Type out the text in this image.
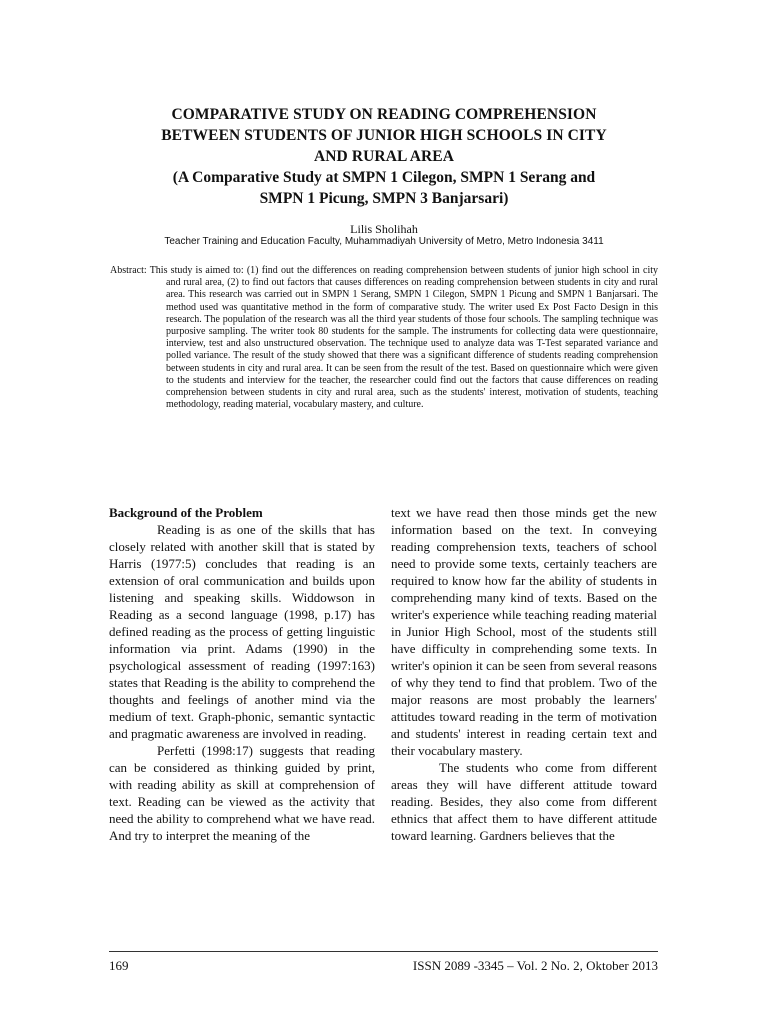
COMPARATIVE STUDY ON READING COMPREHENSION
BETWEEN STUDENTS OF JUNIOR HIGH SCHOOLS IN CITY
AND RURAL AREA
(A Comparative Study at SMPN 1 Cilegon, SMPN 1 Serang and
SMPN 1 Picung, SMPN 3 Banjarsari)
Lilis Sholihah
Teacher Training and Education Faculty, Muhammadiyah University of Metro, Metro Indonesia 3411

Abstract: This study is aimed to: (1) find out the differences on reading comprehension between students of junior high school in city and rural area, (2) to find out factors that causes differences on reading comprehension between students in city and rural area. This research was carried out in SMPN 1 Serang, SMPN 1 Cilegon, SMPN 1 Picung and SMPN 1 Banjarsari. The method used was quantitative method in the form of comparative study. The writer used Ex Post Facto Design in this research. The population of the research was all the third year students of those four schools. The sampling technique was purposive sampling. The writer took 80 students for the sample. The instruments for collecting data were questionnaire, interview, test and also unstructured observation. The technique used to analyze data was T-Test separated variance and polled variance. The result of the study showed that there was a significant difference of students reading comprehension between students in city and rural area. It can be seen from the result of the test. Based on questionnaire which were given to the students and interview for the teacher, the researcher could find out the factors that cause differences on reading comprehension between students in city and rural area, such as the students' interest, motivation of students, teaching methodology, reading material, vocabulary mastery, and culture.

Background of the Problem

Reading is as one of the skills that has closely related with another skill that is stated by Harris (1977:5) concludes that reading is an extension of oral communication and builds upon listening and speaking skills. Widdowson in Reading as a second language (1998, p.17) has defined reading as the process of getting linguistic information via print. Adams (1990) in the psychological assessment of reading (1997:163) states that Reading is the ability to comprehend the thoughts and feelings of another mind via the medium of text. Graph-phonic, semantic syntactic and pragmatic awareness are involved in reading.

Perfetti (1998:17) suggests that reading can be considered as thinking guided by print, with reading ability as skill at comprehension of text. Reading can be viewed as the activity that need the ability to comprehend what we have read. And try to interpret the meaning of the

text we have read then those minds get the new information based on the text. In conveying reading comprehension texts, teachers of school need to provide some texts, certainly teachers are required to know how far the ability of students in comprehending many kind of texts. Based on the writer's experience while teaching reading material in Junior High School, most of the students still have difficulty in comprehending some texts. In writer's opinion it can be seen from several reasons of why they tend to find that problem. Two of the major reasons are most probably the learners' attitudes toward reading in the term of motivation and students' interest in reading certain text and their vocabulary mastery.

The students who come from different areas they will have different attitude toward reading. Besides, they also come from different ethnics that affect them to have different attitude toward learning. Gardners believes that the

169	ISSN 2089 -3345 – Vol. 2 No. 2, Oktober 2013
